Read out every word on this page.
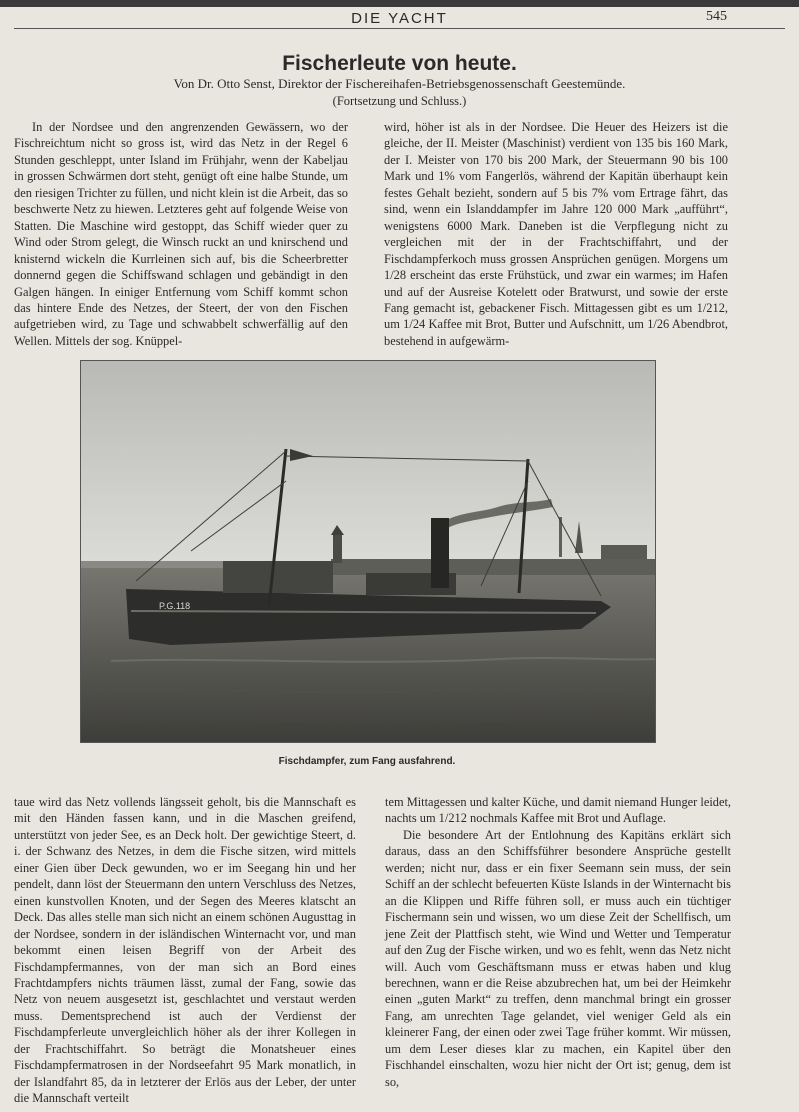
DIE YACHT	545
Fischerleute von heute.
Von Dr. Otto Senst, Direktor der Fischereihafen-Betriebsgenossenschaft Geestemünde.
(Fortsetzung und Schluss.)

In der Nordsee und den angrenzenden Gewässern, wo der Fischreichtum nicht so gross ist, wird das Netz in der Regel 6 Stunden geschleppt, unter Island im Frühjahr, wenn der Kabeljau in grossen Schwärmen dort steht, genügt oft eine halbe Stunde, um den riesigen Trichter zu füllen, und nicht klein ist die Arbeit, das so beschwerte Netz zu hiewen. Letzteres geht auf folgende Weise von Statten. Die Maschine wird gestoppt, das Schiff wieder quer zu Wind oder Strom gelegt, die Winsch ruckt an und knirschend und knisternd wickeln die Kurrleinen sich auf, bis die Scheerbretter donnernd gegen die Schiffswand schlagen und gebändigt in den Galgen hängen. In einiger Entfernung vom Schiff kommt schon das hintere Ende des Netzes, der Steert, der von den Fischen aufgetrieben wird, zu Tage und schwabbelt schwerfällig auf den Wellen. Mittels der sog. Knüppel-

wird, höher ist als in der Nordsee. Die Heuer des Heizers ist die gleiche, der II. Meister (Maschinist) verdient von 135 bis 160 Mark, der I. Meister von 170 bis 200 Mark, der Steuermann 90 bis 100 Mark und 1% vom Fangerlös, während der Kapitän überhaupt kein festes Gehalt bezieht, sondern auf 5 bis 7% vom Ertrage fährt, das sind, wenn ein Islanddampfer im Jahre 120 000 Mark „aufführt“, wenigstens 6000 Mark. Daneben ist die Verpflegung nicht zu vergleichen mit der in der Frachtschiffahrt, und der Fischdampferkoch muss grossen Ansprüchen genügen. Morgens um 1/28 erscheint das erste Frühstück, und zwar ein warmes; im Hafen und auf der Ausreise Kotelett oder Bratwurst, und sowie der erste Fang gemacht ist, gebackener Fisch. Mittagessen gibt es um 1/212, um 1/24 Kaffee mit Brot, Butter und Aufschnitt, um 1/26 Abendbrot, bestehend in aufgewärm-

P.G.118
Fischdampfer, zum Fang ausfahrend.

taue wird das Netz vollends längsseit geholt, bis die Mannschaft es mit den Händen fassen kann, und in die Maschen greifend, unterstützt von jeder See, es an Deck holt. Der gewichtige Steert, d. i. der Schwanz des Netzes, in dem die Fische sitzen, wird mittels einer Gien über Deck gewunden, wo er im Seegang hin und her pendelt, dann löst der Steuermann den untern Verschluss des Netzes, einen kunstvollen Knoten, und der Segen des Meeres klatscht an Deck. Das alles stelle man sich nicht an einem schönen Augusttag in der Nordsee, sondern in der isländischen Winternacht vor, und man bekommt einen leisen Begriff von der Arbeit des Fischdampfermannes, von der man sich an Bord eines Frachtdampfers nichts träumen lässt, zumal der Fang, sowie das Netz von neuem ausgesetzt ist, geschlachtet und verstaut werden muss. Dementsprechend ist auch der Verdienst der Fischdampferleute unvergleichlich höher als der ihrer Kollegen in der Frachtschiffahrt. So beträgt die Monatsheuer eines Fischdampfermatrosen in der Nordseefahrt 95 Mark monatlich, in der Islandfahrt 85, da in letzterer der Erlös aus der Leber, der unter die Mannschaft verteilt

tem Mittagessen und kalter Küche, und damit niemand Hunger leidet, nachts um 1/212 nochmals Kaffee mit Brot und Auflage.

Die besondere Art der Entlohnung des Kapitäns erklärt sich daraus, dass an den Schiffsführer besondere Ansprüche gestellt werden; nicht nur, dass er ein fixer Seemann sein muss, der sein Schiff an der schlecht befeuerten Küste Islands in der Winternacht bis an die Klippen und Riffe führen soll, er muss auch ein tüchtiger Fischermann sein und wissen, wo um diese Zeit der Schellfisch, um jene Zeit der Plattfisch steht, wie Wind und Wetter und Temperatur auf den Zug der Fische wirken, und wo es fehlt, wenn das Netz nicht will. Auch vom Geschäftsmann muss er etwas haben und klug berechnen, wann er die Reise abzubrechen hat, um bei der Heimkehr einen „guten Markt“ zu treffen, denn manchmal bringt ein grosser Fang, am unrechten Tage gelandet, viel weniger Geld als ein kleinerer Fang, der einen oder zwei Tage früher kommt. Wir müssen, um dem Leser dieses klar zu machen, ein Kapitel über den Fischhandel einschalten, wozu hier nicht der Ort ist; genug, dem ist so,
